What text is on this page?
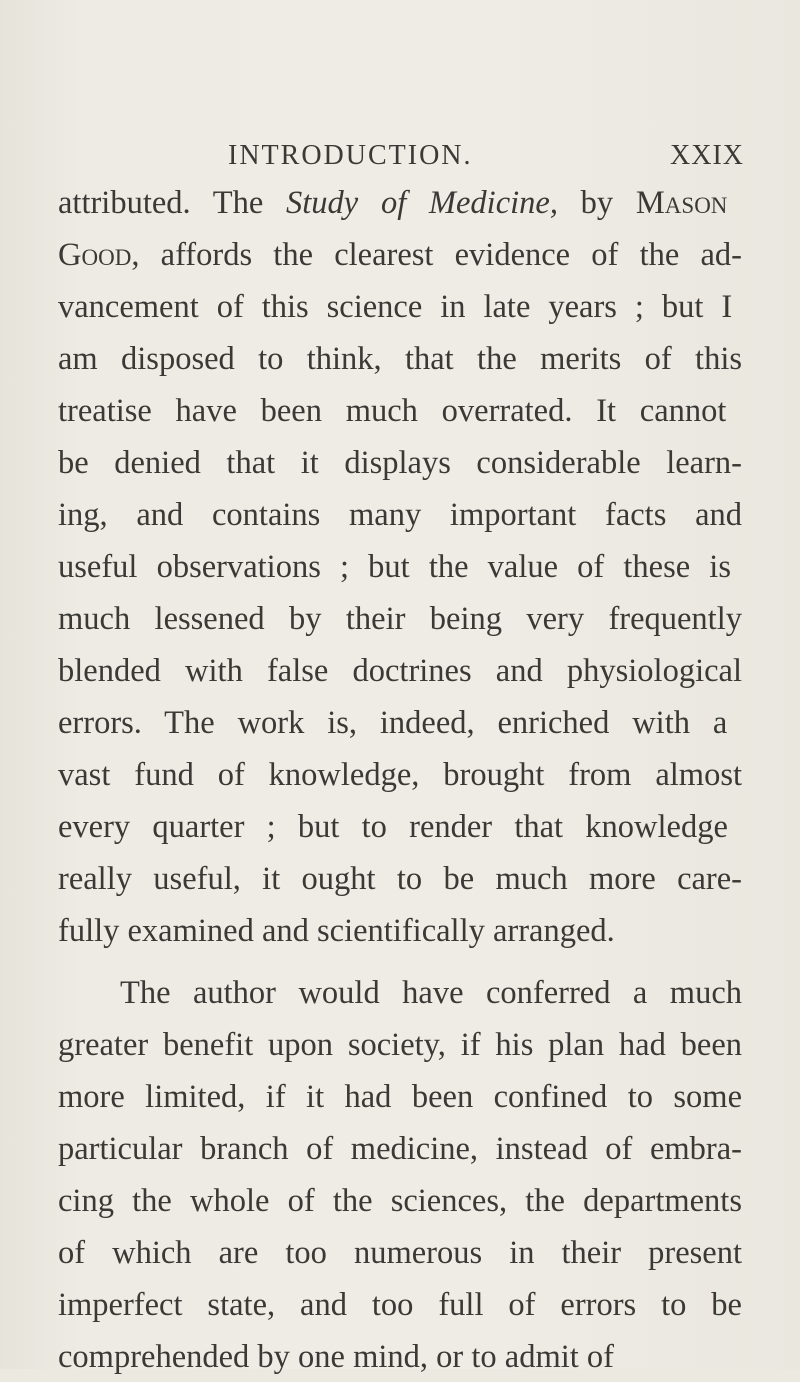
INTRODUCTION.	XXIX
attributed. The Study of Medicine, by Mason
Good, affords the clearest evidence of the ad-
vancement of this science in late years ; but I
am disposed to think, that the merits of this
treatise have been much overrated. It cannot
be denied that it displays considerable learn-
ing, and contains many important facts and
useful observations ; but the value of these is
much lessened by their being very frequently
blended with false doctrines and physiological
errors. The work is, indeed, enriched with a
vast fund of knowledge, brought from almost
every quarter ; but to render that knowledge
really useful, it ought to be much more care-
fully examined and scientifically arranged.
The author would have conferred a much
greater benefit upon society, if his plan had been
more limited, if it had been confined to some
particular branch of medicine, instead of embra-
cing the whole of the sciences, the departments
of which are too numerous in their present
imperfect state, and too full of errors to be
comprehended by one mind, or to admit of
